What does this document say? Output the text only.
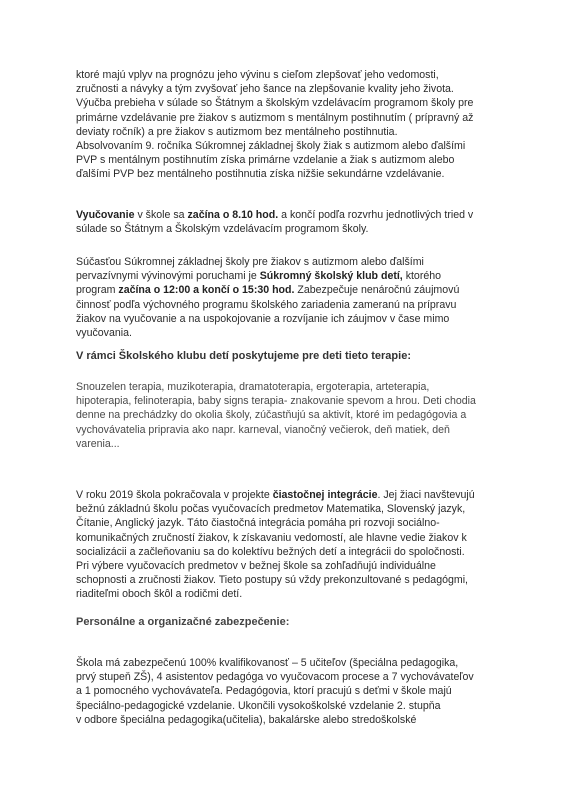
ktoré majú vplyv na prognózu jeho vývinu s cieľom zlepšovať jeho vedomosti,
zručnosti a návyky a tým zvyšovať jeho šance na zlepšovanie kvality jeho života.
Výučba prebieha v súlade so Štátnym a školským vzdelávacím programom školy pre
primárne vzdelávanie pre žiakov s autizmom s mentálnym postihnutím ( prípravný až
deviaty ročník) a pre žiakov s autizmom bez mentálneho postihnutia.
Absolvovaním 9. ročníka Súkromnej základnej školy žiak s autizmom alebo ďalšími
PVP s mentálnym postihnutím získa primárne vzdelanie a žiak s autizmom alebo
ďalšími PVP bez mentálneho postihnutia získa nižšie sekundárne vzdelávanie.
Vyučovanie v škole sa začína o 8.10 hod. a končí podľa rozvrhu jednotlivých tried v
súlade so Štátnym a Školským vzdelávacím programom školy.
Súčasťou Súkromnej základnej školy pre žiakov s autizmom alebo ďalšími
pervazívnymi vývinovými poruchami je Súkromný školský klub detí, ktorého
program začína o 12:00 a končí o 15:30 hod. Zabezpečuje nenáročnú záujmovú
činnosť podľa výchovného programu školského zariadenia zameranú na prípravu
žiakov na vyučovanie a na uspokojovanie a rozvíjanie ich záujmov v čase mimo
vyučovania.
V rámci Školského klubu detí poskytujeme pre deti tieto terapie:
Snouzelen terapia, muzikoterapia, dramatoterapia, ergoterapia, arteterapia,
hipoterapia, felinoterapia, baby signs terapia- znakovanie spevom a hrou. Deti chodia
denne na prechádzky do okolia školy, zúčastňujú sa aktivít, ktoré im pedagógovia a
vychovávatelia pripravia ako napr. karneval, vianočný večierok, deň matiek, deň
varenia...
V roku 2019 škola pokračovala v projekte čiastočnej integrácie. Jej žiaci navštevujú
bežnú základnú školu počas vyučovacích predmetov Matematika, Slovenský jazyk,
Čítanie, Anglický jazyk. Táto čiastočná integrácia pomáha pri rozvoji sociálno-
komunikačných zručností žiakov, k získavaniu vedomostí, ale hlavne vedie žiakov k
socializácii a začleňovaniu sa do kolektívu bežných detí a integrácii do spoločnosti.
Pri výbere vyučovacích predmetov v bežnej škole sa zohľadňujú individuálne
schopnosti a zručnosti žiakov. Tieto postupy sú vždy prekonzultované s pedagógmi,
riaditeľmi oboch škôl a rodičmi detí.
Personálne a organizačné zabezpečenie:
Škola má zabezpečenú 100% kvalifikovanosť – 5 učiteľov (špeciálna pedagogika,
prvý stupeň ZŠ), 4 asistentov pedagóga vo vyučovacom procese a 7 vychovávateľov
a 1 pomocného vychovávateľa. Pedagógovia, ktorí pracujú s deťmi v škole majú
špeciálno-pedagogické vzdelanie. Ukončili vysokoškolské vzdelanie 2. stupňa
v odbore špeciálna pedagogika(učitelia), bakalárske alebo stredoškolské
